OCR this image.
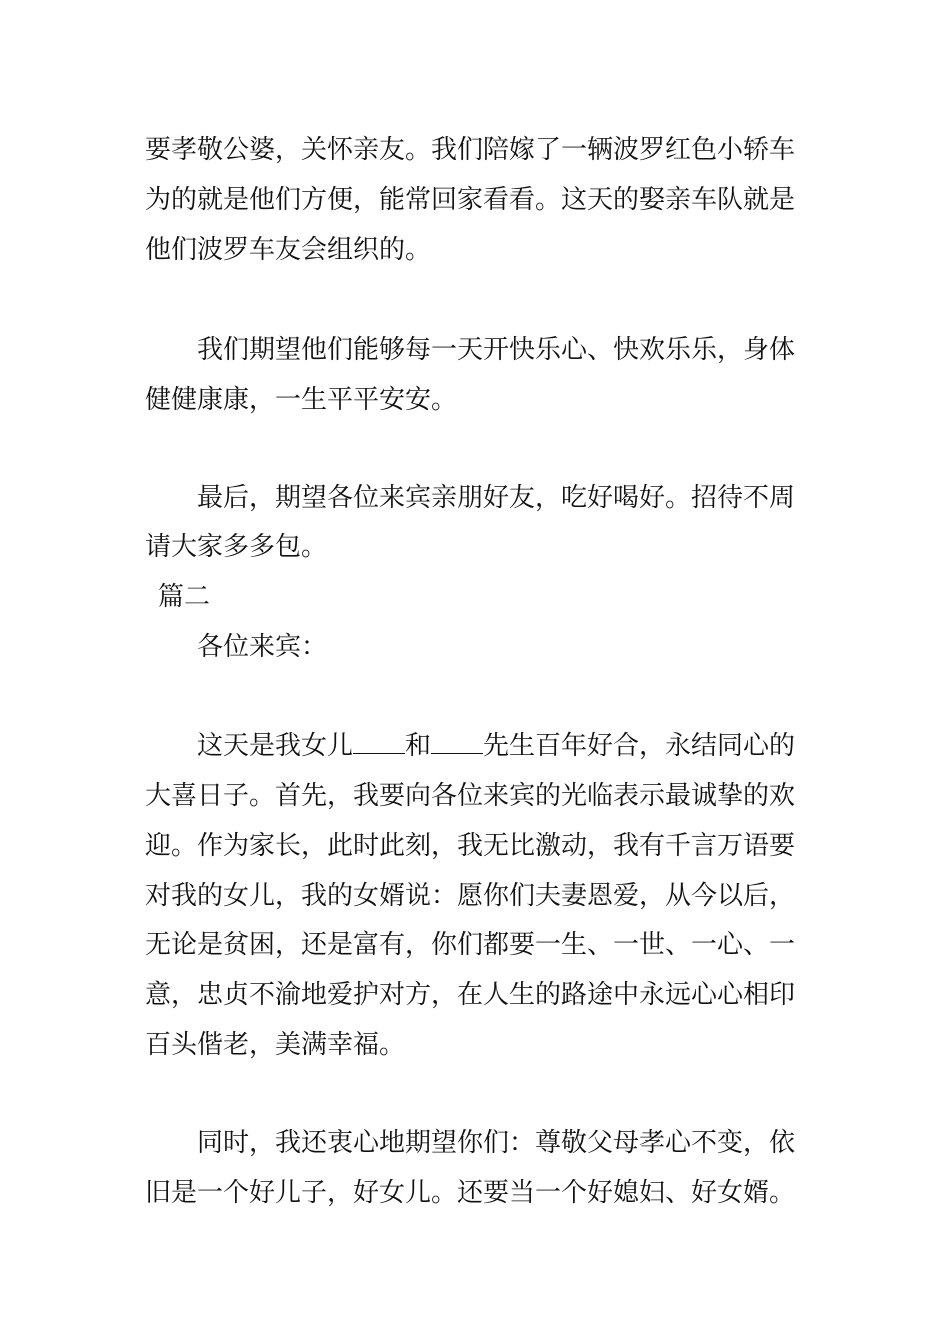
要孝敬公婆，关怀亲友。我们陪嫁了一辆波罗红色小轿车
为的就是他们方便，能常回家看看。这天的娶亲车队就是
他们波罗车友会组织的。
我们期望他们能够每一天开快乐心、快欢乐乐，身体
健健康康，一生平平安安。
最后，期望各位来宾亲朋好友，吃好喝好。招待不周
请大家多多包。
篇二
各位来宾：
这天是我女儿 和 先生百年好合，永结同心的
大喜日子。首先，我要向各位来宾的光临表示最诚挚的欢
迎。作为家长，此时此刻，我无比激动，我有千言万语要
对我的女儿，我的女婿说：愿你们夫妻恩爱，从今以后，
无论是贫困，还是富有，你们都要一生、一世、一心、一
意，忠贞不渝地爱护对方，在人生的路途中永远心心相印
百头偕老，美满幸福。
同时，我还衷心地期望你们：尊敬父母孝心不变，依
旧是一个好儿子，好女儿。还要当一个好媳妇、好女婿。
